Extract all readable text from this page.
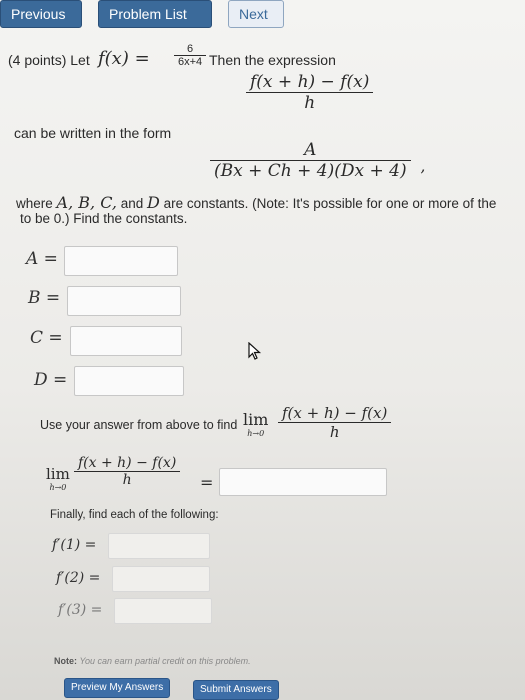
Previous	Problem List	Next
(4 points) Let f(x) =	6
6x+4 Then the expression
f(x + h) − f(x)
h
can be written in the form
A
(Bx + Ch + 4)(Dx + 4) ’
where A, B, C, and D are constants. (Note: It's possible for one or more of the
to be 0.) Find the constants.
A =
B =
C =
D =
Use your answer from above to find lim
h→0
f(x + h) − f(x)
h
lim
h→0
f(x + h) − f(x)
h	=
Finally, find each of the following:
f′(1) =
f′(2) =
f′(3) =
Note: You can earn partial credit on this problem.
Preview My Answers	Submit Answers
